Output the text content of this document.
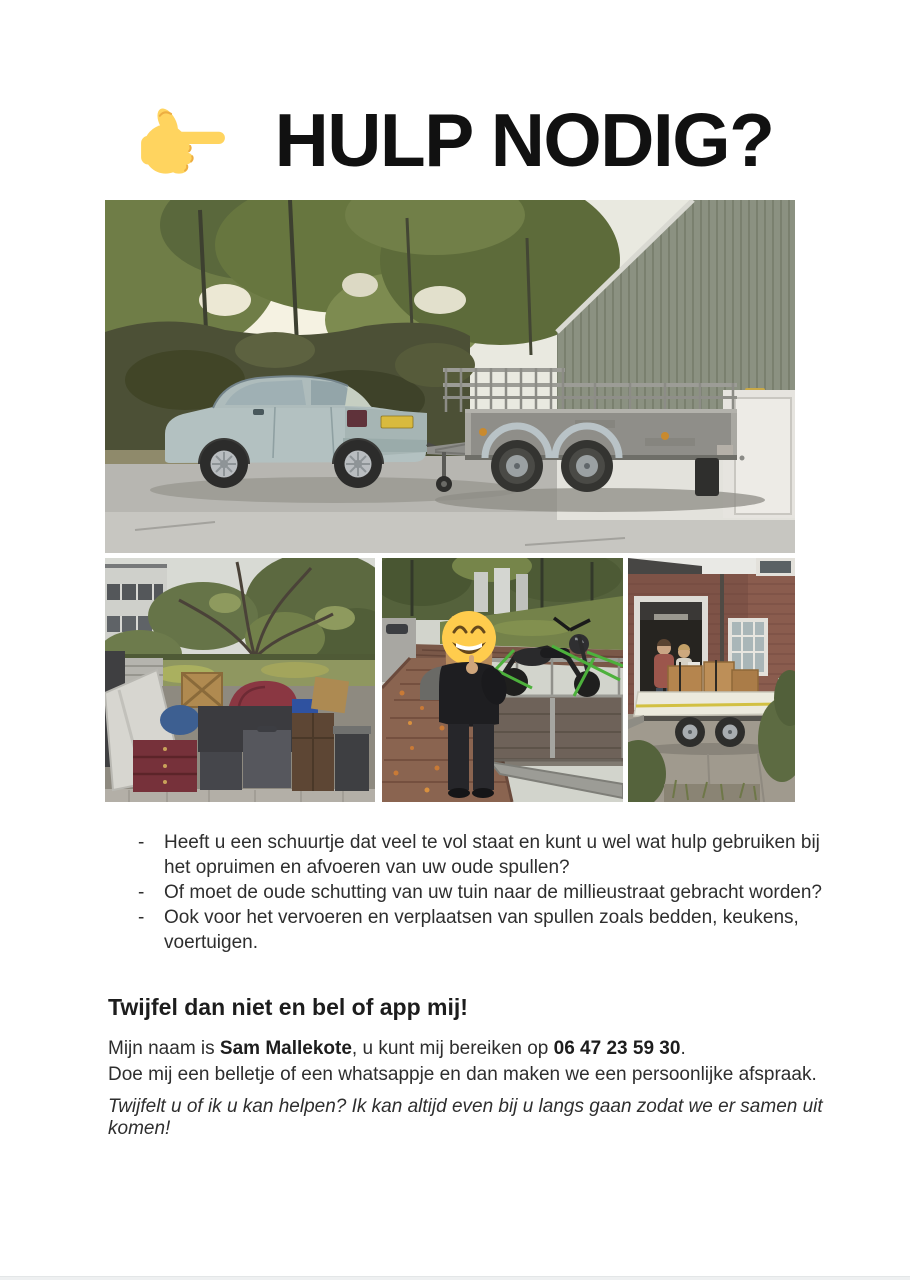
HULP NODIG?
-	Heeft u een schuurtje dat veel te vol staat en kunt u wel wat hulp gebruiken bij het opruimen en afvoeren van uw oude spullen?
-	Of moet de oude schutting van uw tuin naar de millieustraat gebracht worden?
-	Ook voor het vervoeren en verplaatsen van spullen zoals bedden, keukens, voertuigen.
Twijfel dan niet en bel of app mij!
Mijn naam is Sam Mallekote, u kunt mij bereiken op 06 47 23 59 30.
Doe mij een belletje of een whatsappje en dan maken we een persoonlijke afspraak.
Twijfelt u of ik u kan helpen? Ik kan altijd even bij u langs gaan zodat we er samen uit komen!
